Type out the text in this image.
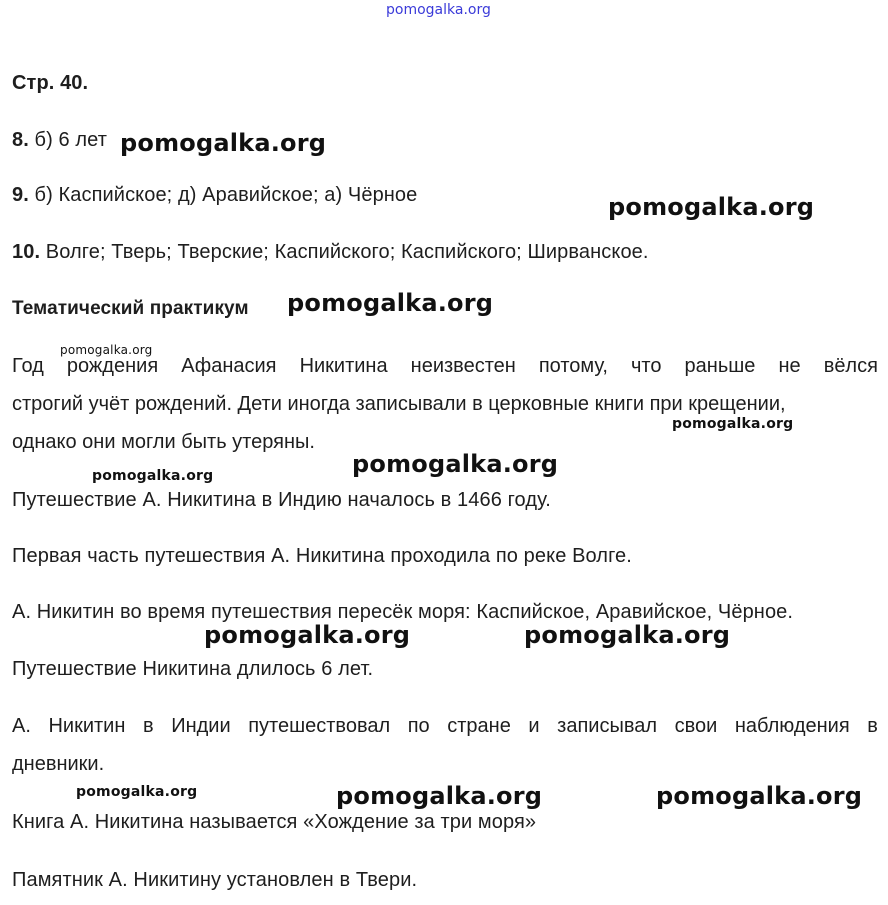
pomogalka.org
Стр. 40.
8. б) 6 лет
9. б) Каспийское; д) Аравийское; а) Чёрное
10. Волге; Тверь; Тверские; Каспийского; Каспийского; Ширванское.
Тематический практикум
Год рождения Афанасия Никитина неизвестен потому, что раньше не вёлся
строгий учёт рождений. Дети иногда записывали в церковные книги при крещении,
однако они могли быть утеряны.
Путешествие А. Никитина в Индию началось в 1466 году.
Первая часть путешествия А. Никитина проходила по реке Волге.
А. Никитин во время путешествия пересёк моря: Каспийское, Аравийское, Чёрное.
Путешествие Никитина длилось 6 лет.
А. Никитин в Индии путешествовал по стране и записывал свои наблюдения в
дневники.
Книга А. Никитина называется «Хождение за три моря»
Памятник А. Никитину установлен в Твери.
pomogalka.org
pomogalka.org
pomogalka.org
pomogalka.org
pomogalka.org
pomogalka.org	pomogalka.org
pomogalka.org	pomogalka.org
pomogalka.org	pomogalka.org	pomogalka.org
